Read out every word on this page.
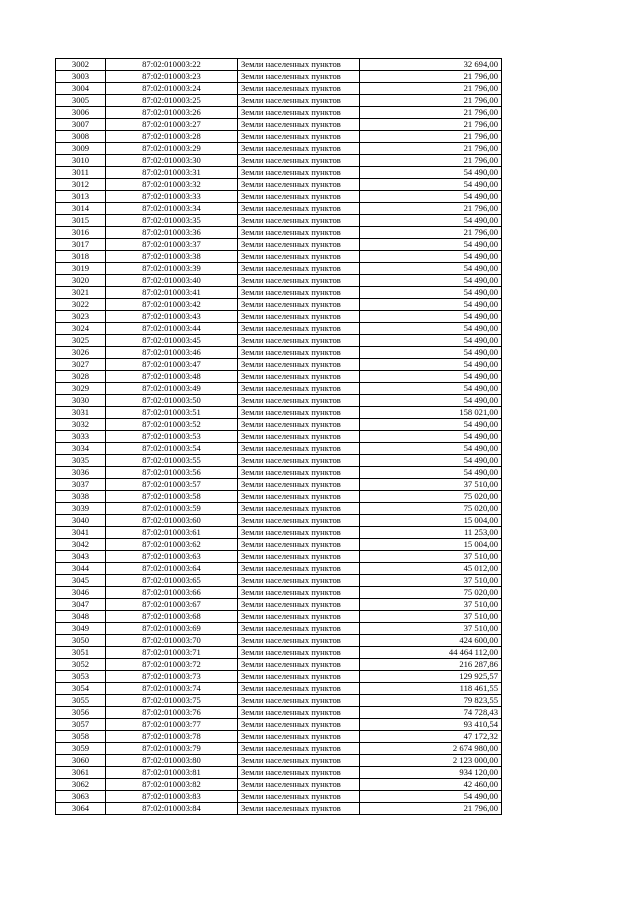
3002	87:02:010003:22	Земли населенных пунктов	32 694,00
3003	87:02:010003:23	Земли населенных пунктов	21 796,00
3004	87:02:010003:24	Земли населенных пунктов	21 796,00
3005	87:02:010003:25	Земли населенных пунктов	21 796,00
3006	87:02:010003:26	Земли населенных пунктов	21 796,00
3007	87:02:010003:27	Земли населенных пунктов	21 796,00
3008	87:02:010003:28	Земли населенных пунктов	21 796,00
3009	87:02:010003:29	Земли населенных пунктов	21 796,00
3010	87:02:010003:30	Земли населенных пунктов	21 796,00
3011	87:02:010003:31	Земли населенных пунктов	54 490,00
3012	87:02:010003:32	Земли населенных пунктов	54 490,00
3013	87:02:010003:33	Земли населенных пунктов	54 490,00
3014	87:02:010003:34	Земли населенных пунктов	21 796,00
3015	87:02:010003:35	Земли населенных пунктов	54 490,00
3016	87:02:010003:36	Земли населенных пунктов	21 796,00
3017	87:02:010003:37	Земли населенных пунктов	54 490,00
3018	87:02:010003:38	Земли населенных пунктов	54 490,00
3019	87:02:010003:39	Земли населенных пунктов	54 490,00
3020	87:02:010003:40	Земли населенных пунктов	54 490,00
3021	87:02:010003:41	Земли населенных пунктов	54 490,00
3022	87:02:010003:42	Земли населенных пунктов	54 490,00
3023	87:02:010003:43	Земли населенных пунктов	54 490,00
3024	87:02:010003:44	Земли населенных пунктов	54 490,00
3025	87:02:010003:45	Земли населенных пунктов	54 490,00
3026	87:02:010003:46	Земли населенных пунктов	54 490,00
3027	87:02:010003:47	Земли населенных пунктов	54 490,00
3028	87:02:010003:48	Земли населенных пунктов	54 490,00
3029	87:02:010003:49	Земли населенных пунктов	54 490,00
3030	87:02:010003:50	Земли населенных пунктов	54 490,00
3031	87:02:010003:51	Земли населенных пунктов	158 021,00
3032	87:02:010003:52	Земли населенных пунктов	54 490,00
3033	87:02:010003:53	Земли населенных пунктов	54 490,00
3034	87:02:010003:54	Земли населенных пунктов	54 490,00
3035	87:02:010003:55	Земли населенных пунктов	54 490,00
3036	87:02:010003:56	Земли населенных пунктов	54 490,00
3037	87:02:010003:57	Земли населенных пунктов	37 510,00
3038	87:02:010003:58	Земли населенных пунктов	75 020,00
3039	87:02:010003:59	Земли населенных пунктов	75 020,00
3040	87:02:010003:60	Земли населенных пунктов	15 004,00
3041	87:02:010003:61	Земли населенных пунктов	11 253,00
3042	87:02:010003:62	Земли населенных пунктов	15 004,00
3043	87:02:010003:63	Земли населенных пунктов	37 510,00
3044	87:02:010003:64	Земли населенных пунктов	45 012,00
3045	87:02:010003:65	Земли населенных пунктов	37 510,00
3046	87:02:010003:66	Земли населенных пунктов	75 020,00
3047	87:02:010003:67	Земли населенных пунктов	37 510,00
3048	87:02:010003:68	Земли населенных пунктов	37 510,00
3049	87:02:010003:69	Земли населенных пунктов	37 510,00
3050	87:02:010003:70	Земли населенных пунктов	424 600,00
3051	87:02:010003:71	Земли населенных пунктов	44 464 112,00
3052	87:02:010003:72	Земли населенных пунктов	216 287,86
3053	87:02:010003:73	Земли населенных пунктов	129 925,57
3054	87:02:010003:74	Земли населенных пунктов	118 461,55
3055	87:02:010003:75	Земли населенных пунктов	79 823,55
3056	87:02:010003:76	Земли населенных пунктов	74 728,43
3057	87:02:010003:77	Земли населенных пунктов	93 410,54
3058	87:02:010003:78	Земли населенных пунктов	47 172,32
3059	87:02:010003:79	Земли населенных пунктов	2 674 980,00
3060	87:02:010003:80	Земли населенных пунктов	2 123 000,00
3061	87:02:010003:81	Земли населенных пунктов	934 120,00
3062	87:02:010003:82	Земли населенных пунктов	42 460,00
3063	87:02:010003:83	Земли населенных пунктов	54 490,00
3064	87:02:010003:84	Земли населенных пунктов	21 796,00
